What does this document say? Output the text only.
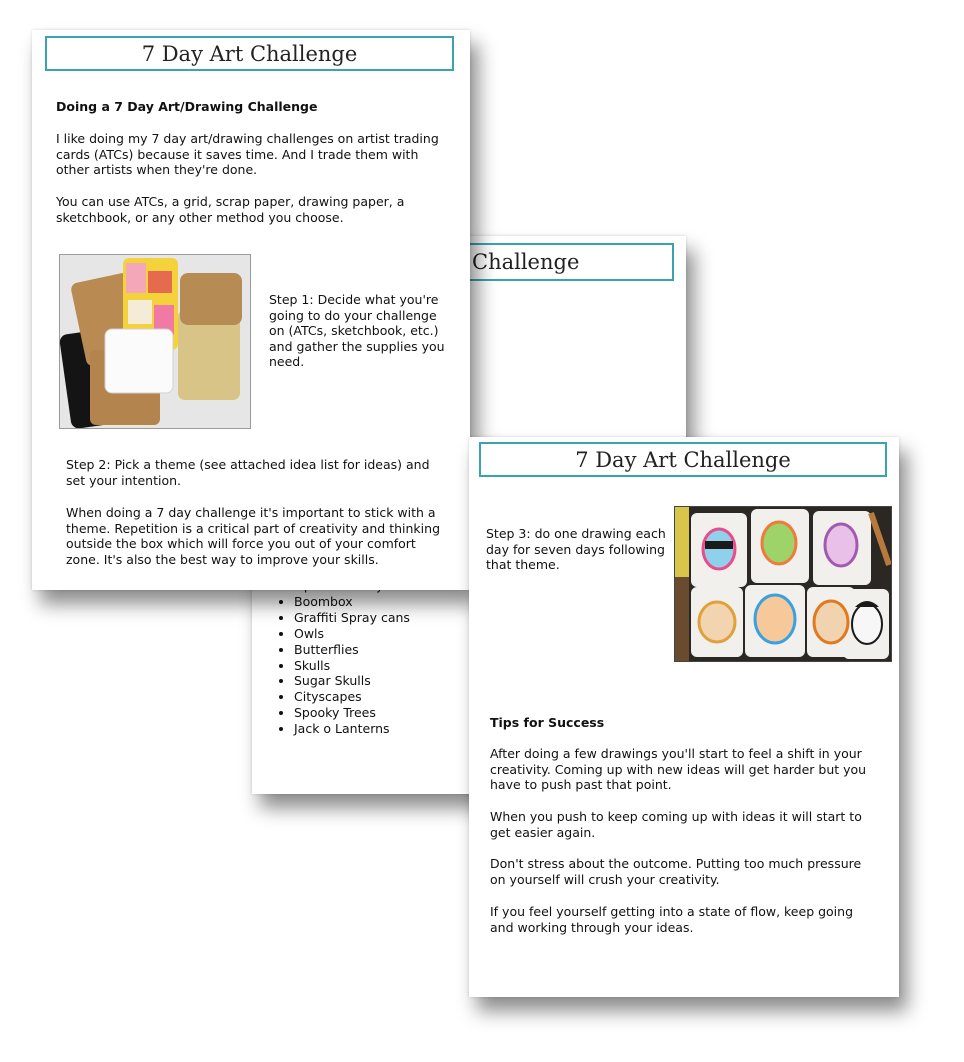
Challenge
•
• Boombox
• Graffiti Spray cans
• Owls
• Butterflies
• Skulls
• Sugar Skulls
• Cityscapes
• Spooky Trees
• Jack o Lanterns
7 Day Art Challenge

Doing a 7 Day Art/Drawing Challenge

I like doing my 7 day art/drawing challenges on artist trading cards (ATCs) because it saves time. And I trade them with other artists when they're done.

You can use ATCs, a grid, scrap paper, drawing paper, a sketchbook, or any other method you choose.

Step 1: Decide what you're going to do your challenge on (ATCs, sketchbook, etc.) and gather the supplies you need.

Step 2: Pick a theme (see attached idea list for ideas) and set your intention.

When doing a 7 day challenge it's important to stick with a theme. Repetition is a critical part of creativity and thinking outside the box which will force you out of your comfort zone. It's also the best way to improve your skills.

7 Day Art Challenge

Step 3: do one drawing each day for seven days following that theme.

Tips for Success

After doing a few drawings you'll start to feel a shift in your creativity. Coming up with new ideas will get harder but you have to push past that point.

When you push to keep coming up with ideas it will start to get easier again.

Don't stress about the outcome. Putting too much pressure on yourself will crush your creativity.

If you feel yourself getting into a state of flow, keep going and working through your ideas.
